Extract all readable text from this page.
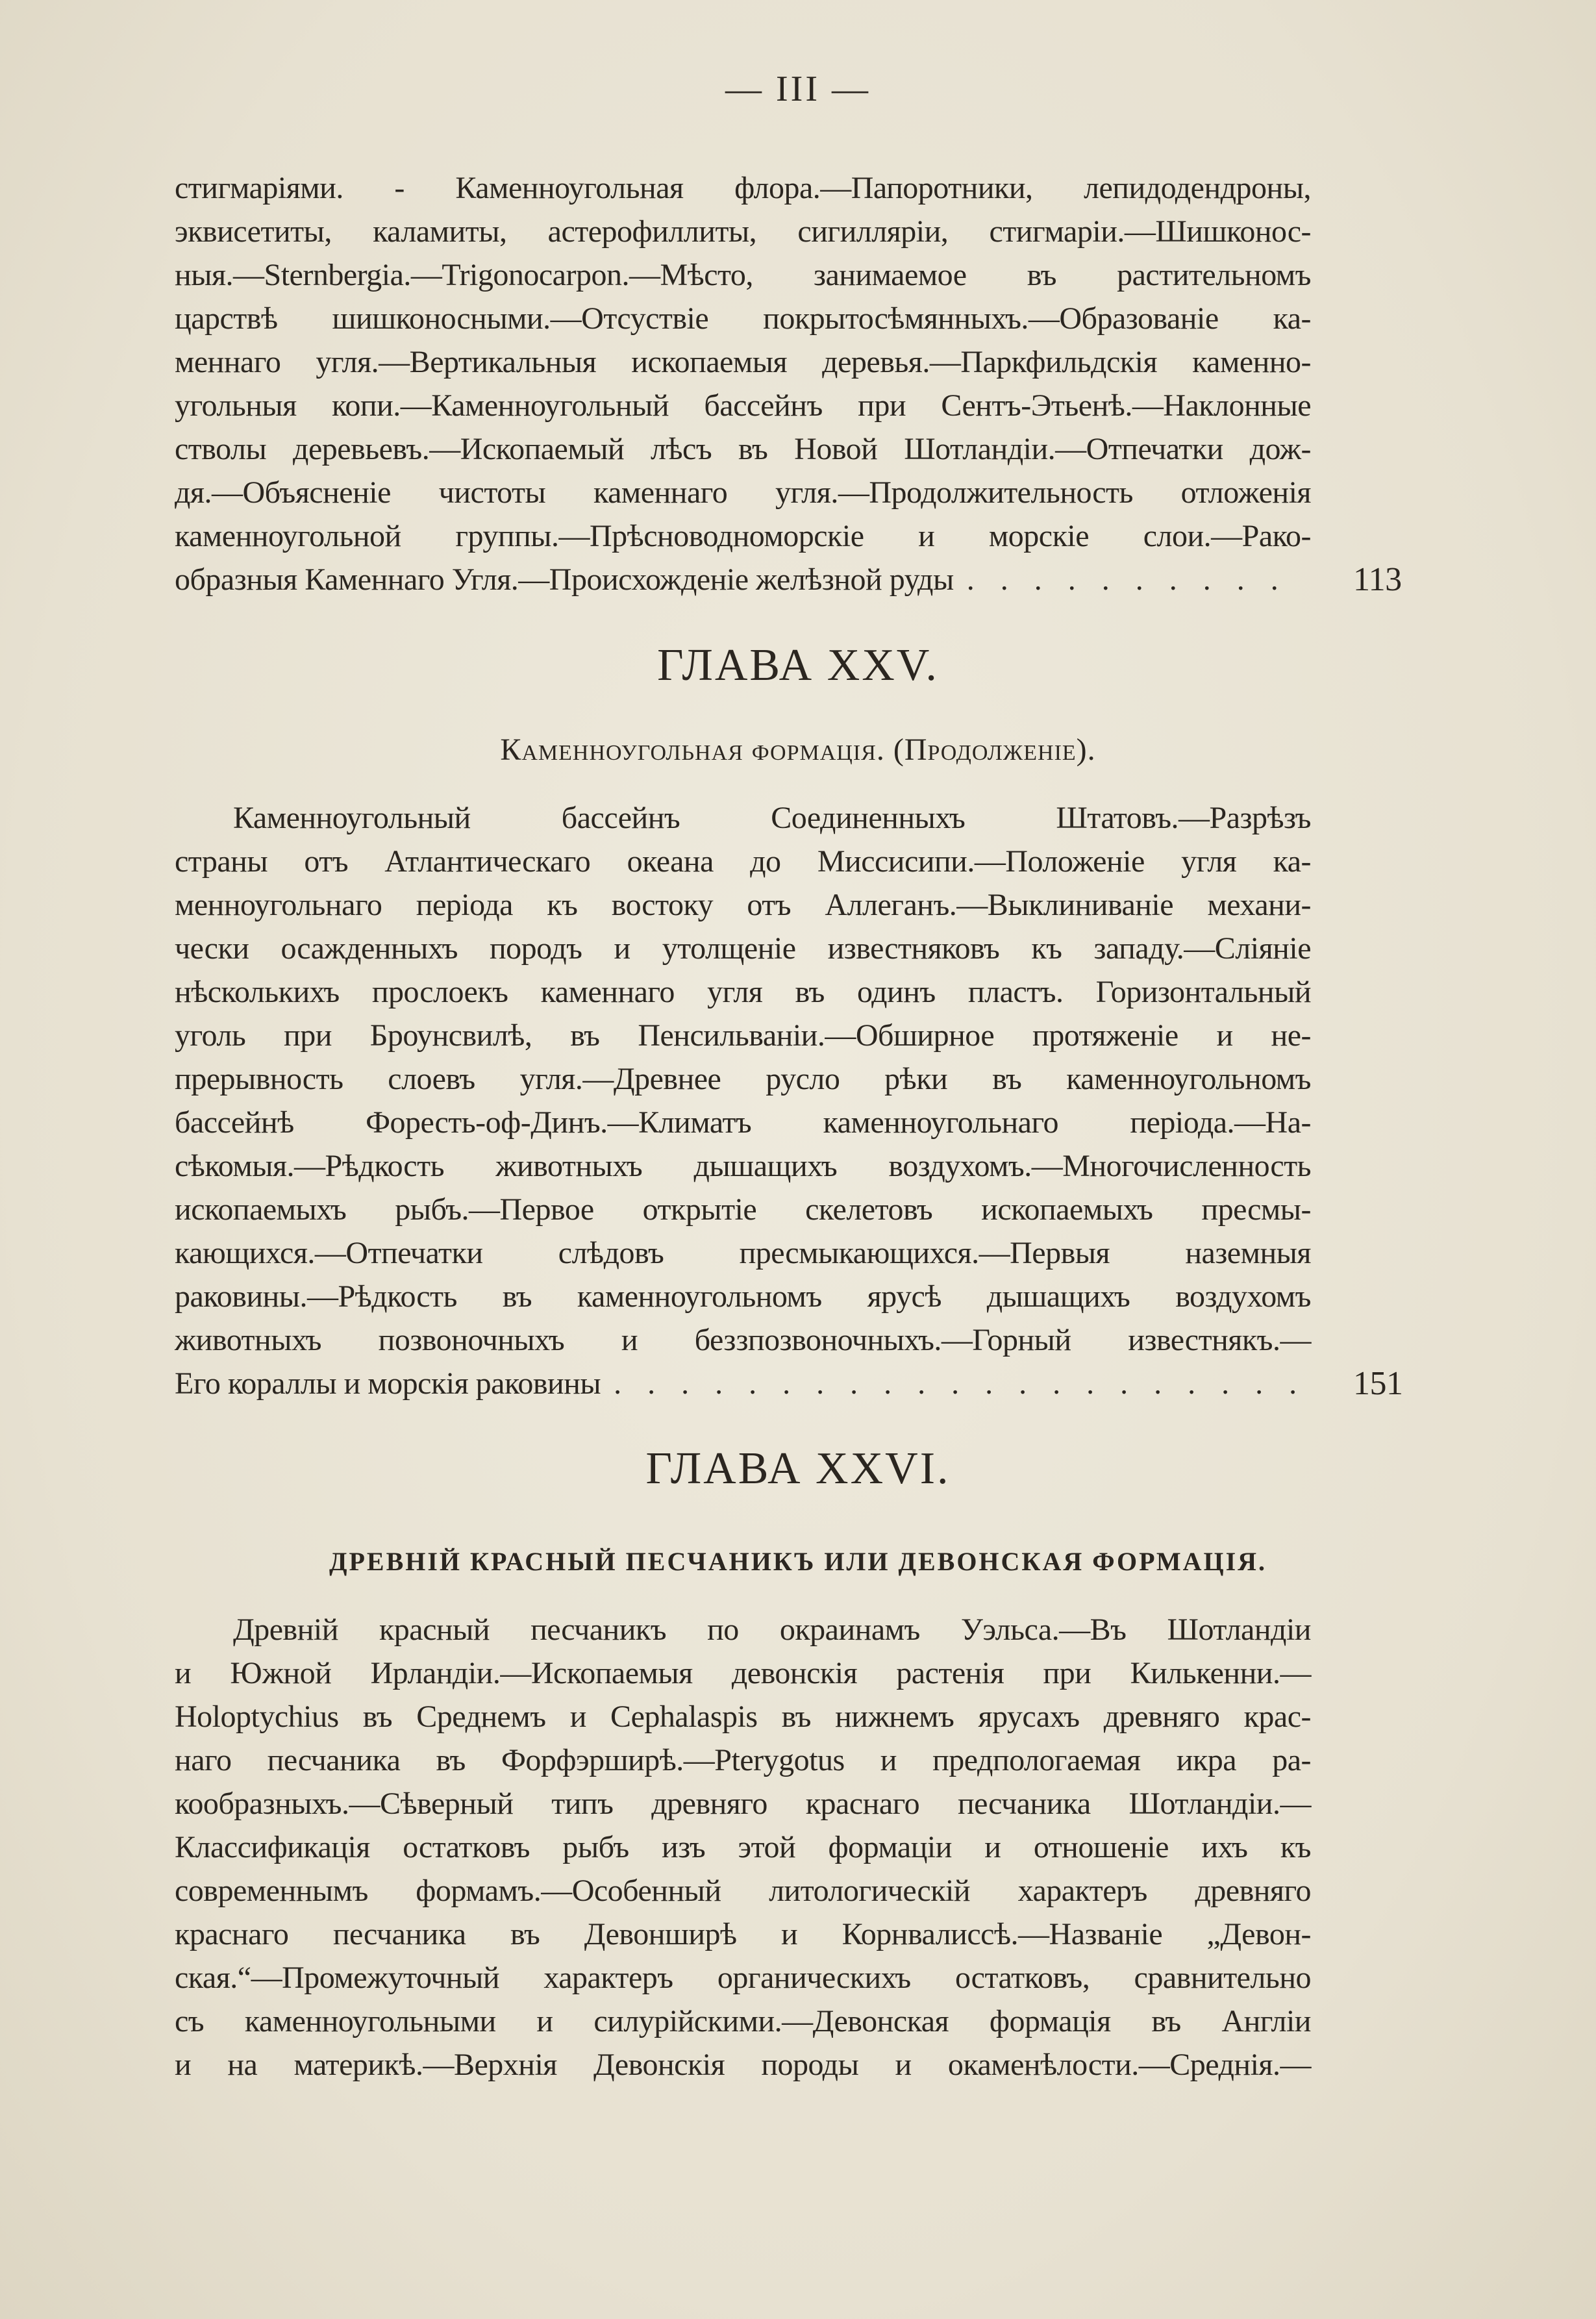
— III —
стигмаріями. - Каменноугольная флора.—Папоротники, лепидодендроны,
эквисетиты, каламиты, астерофиллиты, сигилляріи, стигмаріи.—Шишконос-
ныя.—Sternbergia.—Trigonocarpon.—Мѣсто, занимаемое въ растительномъ
царствѣ шишконосными.—Отсуствіе покрытосѣмянныхъ.—Образованіе ка-
меннаго угля.—Вертикальныя ископаемыя деревья.—Паркфильдскія каменно-
угольныя копи.—Каменноугольный бассейнъ при Сентъ-Этьенѣ.—Наклонные
стволы деревьевъ.—Ископаемый лѣсъ въ Новой Шотландіи.—Отпечатки дож-
дя.—Объясненіе чистоты каменнаго угля.—Продолжительность отложенія
каменноугольной группы.—Прѣсноводноморскіе и морскіе слои.—Рако-
образныя Каменнаго Угля.—Происхожденіе желѣзной руды . . .	113
ГЛАВА XXV.
Каменноугольная формація. (Продолженіе).
Каменноугольный бассейнъ Соединенныхъ Штатовъ.—Разрѣзъ
страны отъ Атлантическаго океана до Миссисипи.—Положеніе угля ка-
менноугольнаго періода къ востоку отъ Аллеганъ.—Выклиниваніе механи-
чески осажденныхъ породъ и утолщеніе известняковъ къ западу.—Сліяніе
нѣсколькихъ прослоекъ каменнаго угля въ одинъ пластъ. Горизонтальный
уголь при Броунсвилѣ, въ Пенсильваніи.—Обширное протяженіе и не-
прерывность слоевъ угля.—Древнее русло рѣки въ каменноугольномъ
бассейнѣ Форесть-оф-Динъ.—Климатъ каменноугольнаго періода.—На-
сѣкомыя.—Рѣдкость животныхъ дышащихъ воздухомъ.—Многочисленность
ископаемыхъ рыбъ.—Первое открытіе скелетовъ ископаемыхъ пресмы-
кающихся.—Отпечатки слѣдовъ пресмыкающихся.—Первыя наземныя
раковины.—Рѣдкость въ каменноугольномъ ярусѣ дышащихъ воздухомъ
животныхъ позвоночныхъ и беззпозвоночныхъ.—Горный известнякъ.—
Его кораллы и морскія раковины . . .	151
ГЛАВА XXVI.
ДРЕВНІЙ КРАСНЫЙ ПЕСЧАНИКЪ ИЛИ ДЕВОНСКАЯ ФОРМАЦІЯ.
Древній красный песчаникъ по окраинамъ Уэльса.—Въ Шотландіи
и Южной Ирландіи.—Ископаемыя девонскія растенія при Килькенни.—
Holoptychius въ Среднемъ и Cephalaspis въ нижнемъ ярусахъ древняго крас-
наго песчаника въ Форфэрширѣ.—Pterygotus и предпологаемая икра ра-
кообразныхъ.—Сѣверный типъ древняго краснаго песчаника Шотландіи.—
Классификація остатковъ рыбъ изъ этой формаціи и отношеніе ихъ къ
современнымъ формамъ.—Особенный литологическій характеръ древняго
краснаго песчаника въ Девонширѣ и Корнвалиссѣ.—Названіе „Девон-
ская.“—Промежуточный характеръ органическихъ остатковъ, сравнительно
съ каменноугольными и силурійскими.—Девонская формація въ Англіи
и на материкѣ.—Верхнія Девонскія породы и окаменѣлости.—Среднія.—
